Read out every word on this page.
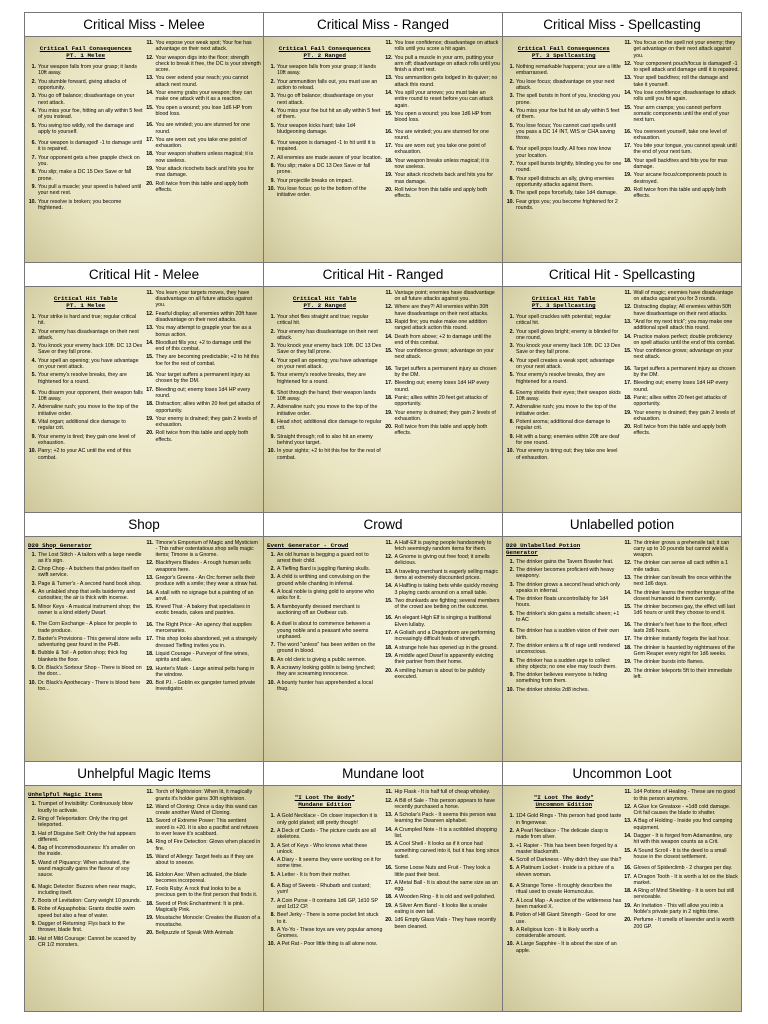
Critical Miss - Melee
Critical Fail Consequences
PT. 1 Melee
1. Your weapon falls from your grasp; it lands 10ft away.
2. You stumble forward, giving attacks of opportunity.
3. You go off balance; disadvantage on your next attack.
4. You miss your foe, hitting an ally within 5 feet of you instead.
5. You swing too wildly, roll the damage and apply to yourself.
6. Your weapon is damaged! -1 to damage until it is repaired.
7. Your opponent gets a free grapple check on you.
8. You slip; make a DC 15 Dex Save or fall prone.
9. You pull a muscle; your speed is halved until your next rest.
10. Your resolve is broken; you become frightened.
11. You expose your weak spot; Your foe has advantage on their next attack.
12. Your weapon digs into the floor; strength check to break it free, the DC is your strength score.
13. You over extend your reach; you cannot attack next round.
14. Your enemy grabs your weapon; they can make one attack with it as a reaction.
15. You open a wound; you lose 1d6 HP from blood loss.
16. You are winded; you are stunned for one round.
17. You are worn out; you take one point of exhaustion.
18. Your weapon shatters unless magical; it is now useless.
19. Your attack ricochets back and hits you for max damage.
20. Roll twice from this table and apply both effects.
Critical Miss - Ranged
Critical Fail Consequences
PT. 2 Ranged
1. Your weapon falls from your grasp; it lands 10ft away.
2. Your ammunition falls out, you must use an action to reload.
3. You go off balance; disadvantage on your next attack.
4. You miss your foe but hit an ally within 5 feet of them.
5. Your weapon kicks hard; take 1d4 bludgeoning damage.
6. Your weapon is damaged -1 to hit until it is repaired.
7. All enemies are made aware of your location.
8. You slip; make a DC 13 Dex Save or fall prone.
9. Your projectile breaks on impact.
10. You lose focus; go to the bottom of the initiative order.
11. You lose confidence; disadvantage on attack rolls until you score a hit again.
12. You pull a muscle in your arm, putting your arm off; disadvantage on attack rolls until you finish a short rest.
13. You ammunition gets lodged in its quiver; no attack this round.
14. You spill your arrows; you must take an entire round to reset before you can attack again.
15. You open a wound; you lose 1d6 HP from blood loss.
16. You are winded; you are stunned for one round.
17. You are worn out; you take one point of exhaustion.
18. Your weapon breaks unless magical; it is now useless.
19. Your attack ricochets back and hits you for max damage.
20. Roll twice from this table and apply both effects.
Critical Miss - Spellcasting
Critical Fail Consequences
PT. 3 Spellcasting
1. Nothing remarkable happens; your are a little embarrassed.
2. You lose focus; disadvantage on your next attack.
3. The spell bursts in front of you, knocking you prone.
4. You miss your foe but hit an ally within 5 feet of them.
5. You lose focus; You cannot cast spells until you pass a DC 14 INT, WIS or CHA saving throw.
6. Your spell pops loudly. All foes now know your location.
7. Your spell bursts brightly, blinding you for one round.
8. Your spell distracts an ally, giving enemies opportunity attacks against them.
9. The spell pops forcefully, take 1d4 damage.
10. Fear grips you; you become frightened for 2 rounds.
11. You focus on the spell not your enemy; they get advantage on their next attack against you.
12. Your component pouch/focus is damaged! -1 to spell attack and damage until it is repaired.
13. Your spell backfires; roll the damage and take it yourself.
14. You lose confidence; disadvantage to attack rolls until you hit again.
15. Your arm cramps; you cannot perform somatic components until the end of your next turn.
16. You overexert yourself, take one level of exhaustion.
17. You bite your tongue, you cannot speak until the end of your next turn.
18. Your spell backfires and hits you for max damage.
19. Your arcane focus/components pouch is destroyed.
20. Roll twice from this table and apply both effects.
Critical Hit - Melee
Critical Hit Table
PT. 1 Melee
1. Your strike is hard and true; regular critical hit.
2. Your enemy has disadvantage on their next attack.
3. You knock your enemy back 10ft. DC 13 Dex Save or they fall prone.
4. Your spell an opening; you have advantage on your next attack.
5. Your enemy's resolve breaks, they are frightened for a round.
6. You disarm your opponent, their weapon falls 10ft away.
7. Adrenaline rush; you move to the top of the initiative order.
8. Vital organ; additional dice damage to regular crit.
9. Your enemy is tired; they gain one level of exhaustion.
10. Parry; +2 to your AC until the end of this combat.
11. You learn your targets moves, they have disadvantage on all future attacks against you.
12. Fearful display; all enemies within 20ft have disadvantage on their next attacks.
13. You may attempt to grapple your foe as a bonus action.
14. Bloodlust fills you; +2 to damage until the end of this combat.
15. They are becoming predictable; +2 to hit this foe for the rest of combat.
16. Your target suffers a permanent injury as chosen by the DM.
17. Bleeding out; enemy loses 1d4 HP every round.
18. Distraction; allies within 20 feet get attacks of opportunity.
19. Your enemy is drained; they gain 2 levels of exhaustion.
20. Roll twice from this table and apply both effects.
Critical Hit - Ranged
Critical Hit Table
PT. 2 Ranged
1. Your shot flies straight and true; regular critical hit.
2. Your enemy has disadvantage on their next attack.
3. You knock your enemy back 10ft. DC 13 Dex Save or they fall prone.
4. Your spell an opening; you have advantage on your next attack.
5. Your enemy's resolve breaks, they are frightened for a round.
6. Shot through the hand; their weapon lands 10ft away.
7. Adrenaline rush; you move to the top of the initiative order.
8. Head shot; additional dice damage to regular crit.
9. Straight through; roll to also hit an enemy behind your target.
10. In your sights; +2 to hit this foe for the rest of combat.
11. Vantage point; enemies have disadvantage on all future attacks against you.
12. Where are they?! All enemies within 30ft have disadvantage on their next attacks.
13. Rapid fire; you make make one addition ranged attack action this round.
14. Death from above; +2 to damage until the end of this combat.
15. Your confidence grows; advantage on your next attack.
16. Target suffers a permanent injury as chosen by the DM.
17. Bleeding out; enemy loses 1d4 HP every round.
18. Panic; allies within 20 feet get attacks of opportunity.
19. Your enemy is drained; they gain 2 levels of exhaustion.
20. Roll twice from this table and apply both effects.
Critical Hit - Spellcasting
Critical Hit Table
PT. 3 Spellcasting
1. Your spell crackles with potential; regular critical hit.
2. Your spell glows bright; enemy is blinded for one round.
3. You knock your enemy back 10ft. DC 13 Dex Save or they fall prone.
4. Your spell creates a weak spot; advantage on your next attack.
5. Your enemy's resolve breaks, they are frightened for a round.
6. Enemy shields their eyes; their weapon skids 10ft away.
7. Adrenaline rush; you move to the top of the initiative order.
8. Potent aroma; additional dice damage to regular crit.
9. Hit with a bang; enemies within 20ft are deaf for one round.
10. Your enemy is tiring out; they take one level of exhaustion.
11. Wall of magic; enemies have disadvantage on attacks against you for 3 rounds.
12. Distracting display; All enemies within 50ft have disadvantage on their next attacks.
13. "And for my next trick"; you may make one additional spell attack this round.
14. Practice makes perfect; double proficiency on spell attacks until the end of this combat.
15. Your confidence grows; advantage on your next attack.
16. Target suffers a permanent injury as chosen by the DM.
17. Bleeding out; enemy loses 1d4 HP every round.
18. Panic; allies within 20 feet get attacks of opportunity.
19. Your enemy is drained; they gain 2 levels of exhaustion.
20. Roll twice from this table and apply both effects.
Shop
D20 Shop Generator
1. The Lost Stitch - A tailors with a large needle as it's sign.
2. Chop Chop - A butchers that prides itself on swift service.
3. Page & Turner's - A second hand book shop.
4. An unlabled shop that sells taxidermy and curiosities; the air is thick with incense.
5. Minor Keys - A musical instrument shop; the owner is a kind elderly Dwarf.
6. The Corn Exchange - A place for people to trade produce.
7. Baxter's Provisions - This general store sells adventuring gear found in the PHB.
8. Bubble & Toil - A potion shop; thick fog blankets the floor.
9. Dr. Black's Sorbour Shop - There is blood on the door...
10. Dr. Black's Apothecary - There is blood here too...
11. Timone's Emporium of Magic and Mysticism - This rather ostentatious shop sells magic items; Timone is a Gnome.
12. Blackfryers Blades - A rough human sells weapons here.
13. Gregor's Greens - An Orc former sells their produce with a smile; they wear a straw hat.
14. A stall with no signage but a painting of an anvil.
15. Kneed That - A bakery that specialises in exotic breads, cakes and pastries.
16. The Right Price - An agency that supplies mercenaries.
17. This shop looks abandoned, yet a strangely dressed Tiefling invites you in.
18. Liquid Courage - Purveyor of fine wines, spirits and ales.
19. Hunter's Mark - Large animal pelts hang in the window.
20. Boil P.I. - Goblin ex gangster turned private investigator.
Crowd
Event Generator - Crowd
1. An old human is begging a guard not to arrest their child.
2. A Tiefling Bard is juggling flaming skulls.
3. A child is writhing and convulsing on the ground while chanting in infernal.
4. A local noble is giving gold to anyone who asks for it.
5. A flamboyantly dressed merchant is auctioning off an Owlbear cub.
6. A duel is about to commence between a young noble and a peasant who seems unphased.
7. The word "unless" has been written on the ground in blood.
8. An old cleric is giving a public sermon.
9. A scrawny looking goblin is being lynched; they are screaming innocence.
10. A bounty hunter has apprehended a local thug.
11. A Half-Elf is paying people handsomely to fetch seemingly random items for them.
12. A Gnome is giving out free food; it smells delicious.
13. A traveling merchant is eagerly selling magic items at extremely discounted prices.
14. A Halfling is taking bets while quickly moving 3 playing cards around on a small table.
15. Two drunkards are fighting; several members of the crowd are betting on the outcome.
16. An elegant High Elf is singing a traditional Elven lullaby.
17. A Goliath and a Dragonborn are performing increasingly difficult feats of strength.
18. A strange hole has opened up in the ground.
19. A middle aged Dwarf is apparently evicting their partner from their home.
20. A smiling human is about to be publicly executed.
Unlabelled potion
D20 Unlabelled Potion
Generator
1. The drinker gains the Tavern Brawler feat.
2. The drinker becomes proficient with heavy weaponry.
3. The drinker grows a second head which only speaks in infernal.
4. The drinker floats uncontrollably for 1d4 hours.
5. The drinker's skin gains a metallic sheen; +1 to AC
6. The drinker has a sudden vision of their own birth.
7. The drinker enters a fit of rage until rendered unconscious.
8. The drinker has a sudden urge to collect shiny objects; no one else may touch them.
9. The drinker believes everyone is hiding something from them.
10. The drinker shrinks 2d8 inches.
11. The drinker grows a prehensile tail; it can carry up to 10 pounds but cannot wield a weapon.
12. The drinker can sense all cacti within a 1 mile radius.
13. The drinker can breath fire once within the next 1d6 days.
14. The drinker learns the mother tongue of the closest humanoid to them currently.
15. The drinker becomes gay, the effect will last 1d6 hours or until they choose to end it.
16. The drinker's feet fuse to the floor, effect lasts 2d6 hours.
17. The drinker instantly forgets the last hour.
18. The drinker is haunted by nightmares of the Grim Reaper every night for 1d6 weeks.
19. The drinker bursts into flames.
20. The drinker teleports 5ft to their immediate left.
Unhelpful Magic Items
Unhelpful Magic Items
1. Trumpet of Invisibility: Continuously blow loudly to activate.
2. Ring of Teleportation: Only the ring get teleported.
3. Hat of Disguise Self: Only the hat appears different.
4. Bag of Incommodiousness: It's smaller on the inside.
5. Wand of Piquancy: When activated, the wand magically gains the flavour of soy sauce.
6. Magic Detector: Buzzes when near magic, including itself.
7. Boots of Levitation: Carry weight 10 pounds.
8. Robe of Aquaphobia: Grants double swim speed but also a fear of water.
9. Dagger of Returning: Flys back to the thrower, blade first.
10. Hat of Mild Courage: Cannot be scared by CR 1/2 monsters.
11. Torch of Nightvision: When lit, it magically grants it's holder gains 30ft nightvision.
12. Wand of Cloning: Once a day this wand can create another Wand of Cloning.
13. Sword of Extreme Power: This sentient sword is +20. It is also a pacifist and refuses to ever leave it's scabbard.
14. Ring of Fire Detection: Glows when placed in fire.
15. Wand of Allergy: Target feels as if they are about to sneeze.
16. Eidolon Axe: When activated, the blade becomes incorporeal.
17. Fools Ruby: A rock that looks to be a precious gem to the first person that finds it.
18. Sword of Pink Enchantment: It is pink. Magically Pink.
19. Moustache Monocle: Creates the illusion of a moustache.
20. Bellpuzzle of Speak With Animals
Mundane loot
"I Loot The Body"
Mundane Edition
1. A Gold Necklace - On closer inspection it is only gold plated; still pretty though!
2. A Deck of Cards - The picture cards are all skeletons.
3. A Set of Keys - Who knows what these unlock.
4. A Diary - It seems they were working on it for some time.
5. A Letter - It is from their mother.
6. A Bag of Sweets - Rhubarb and custard; yum!
7. A Coin Purse - It contains 1d6 GP, 1d10 SP and 1d12 CP.
8. Beef Jerky - There is some pocket lint stuck to it.
9. A Yo-Yo - These toys are very popular among Gnomes.
10. A Pet Rat - Poor little thing is all alone now.
11. Hip Flask - It is half full of cheap whiskey.
12. A Bill of Sale - This person appears to have recently purchased a horse.
13. A Scholar's Pack - It seems this person was learning the Dwarven alphabet.
14. A Crumpled Note - It is a scribbled shopping list.
15. A Cool Shell - It looks as if it once had something carved into it, but it has long since faded.
16. Some Loose Nuts and Fruit - They look a little past their best.
17. A Metal Ball - It is about the same size as an egg.
18. A Wooden Ring - It is old and well polished.
19. A Silver Arm Band - It looks like a snake eating is own tail.
20. 1d6 Empty Glass Vials - They have recently been cleaned.
Uncommon Loot
"I Loot The Body"
Uncommon Edition
1. 1D4 Gold Rings - This person had good taste in fingerwear.
2. A Pearl Necklace - The delicate clasp is made from silver.
3. +1 Rapier - This has been been forged by a master blacksmith.
4. Scroll of Darkness - Why didn't they use this?
5. A Platinum Locket - Inside is a picture of a eleven woman.
6. A Strange Tome - It roughly describes the ritual used to create Homunculus.
7. A Local Map - A section of the wilderness has been marked X.
8. Potion of Hill Giant Strength - Good for one use.
9. A Religious Icon - It is likely worth a considerable amount.
10. A Large Sapphire - It is about the size of an apple.
11. 1d4 Potions of Healing - These are no good to this person anymore.
12. A Glue Ice Greataxe - +1d8 cold damage. Crit fail causes the blade to shatter.
13. A Bag of Holding - Inside you find camping equipment.
14. Dagger - It is forged from Adamantine, any hit with this weapon counts as a Crit.
15. A Sound Scroll - It is the deed to a small house in the closest settlement.
16. Gloves of Spiderclimb - 2 charges per day.
17. A Dragon Tooth - It is worth a lot on the black market.
18. A Ring of Mind Shielding - It is worn but still serviceable.
19. An Invitation - This will allow you into a Noble's private party in 2 nights time.
20. Perfume - It smells of lavender and is worth 200 GP.
